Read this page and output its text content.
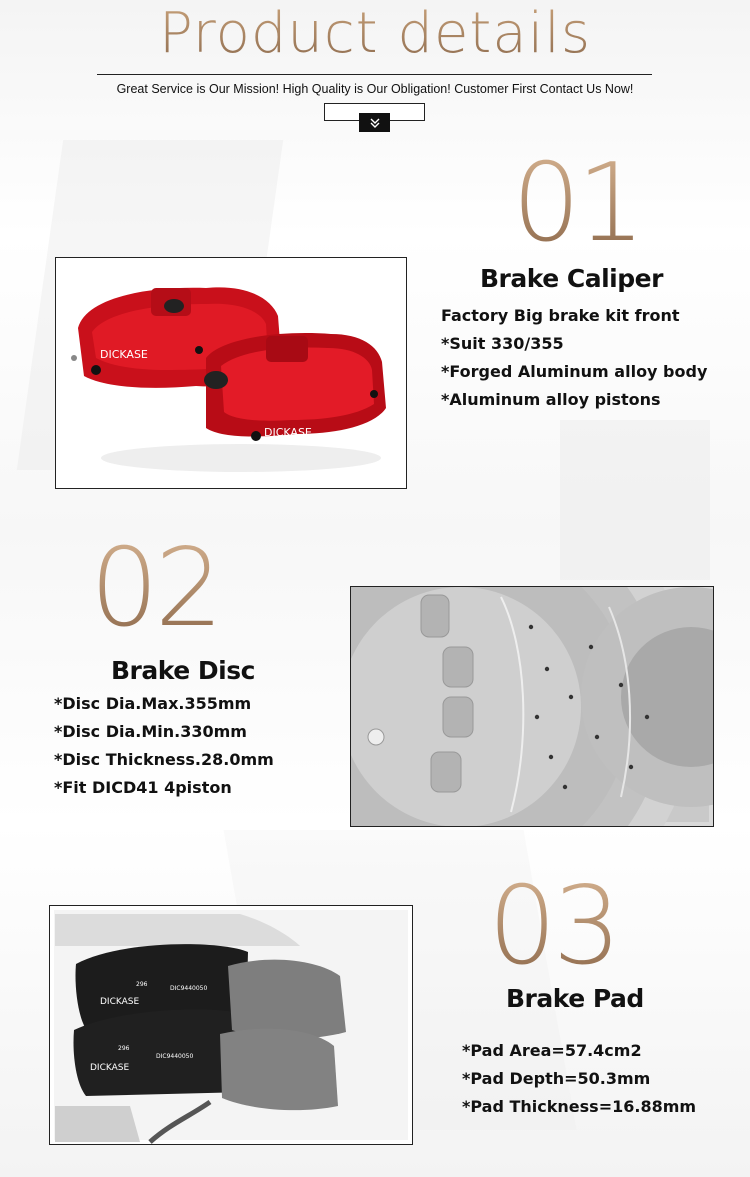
Product details
Great Service is Our Mission! High Quality is Our Obligation! Customer First Contact Us Now!
01
Brake Caliper
Factory Big brake kit front
*Suit 330/355
*Forged Aluminum alloy body
*Aluminum alloy pistons
DICKASE
DICKASE
02
Brake Disc
*Disc Dia.Max.355mm
*Disc Dia.Min.330mm
*Disc Thickness.28.0mm
*Fit DICD41 4piston
03
Brake Pad
*Pad Area=57.4cm2
*Pad Depth=50.3mm
*Pad Thickness=16.88mm
DICKASE
DIC9440050
296
DICKASE
DIC9440050
296
